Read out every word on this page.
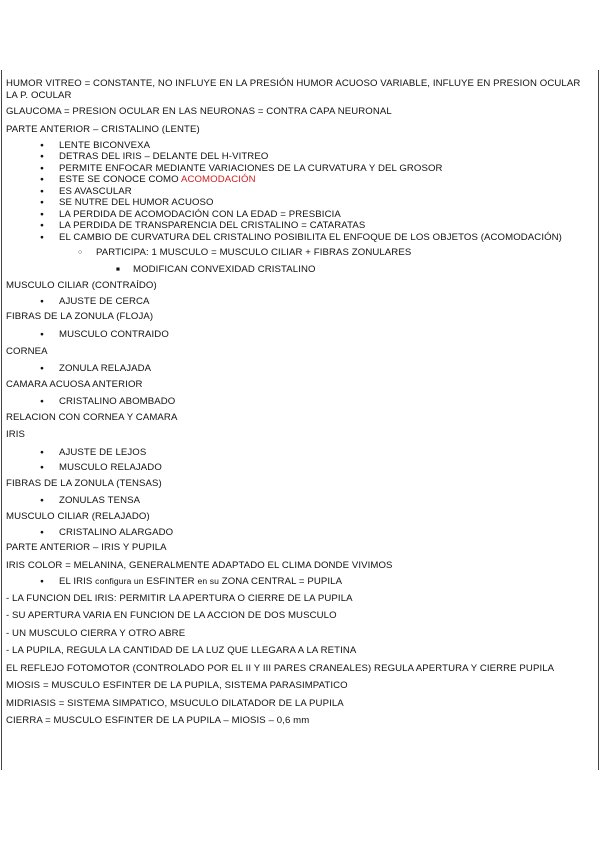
HUMOR VITREO = CONSTANTE, NO INFLUYE EN LA PRESIÓN HUMOR ACUOSO VARIABLE, INFLUYE EN PRESION OCULAR LA P. OCULAR

GLAUCOMA = PRESION OCULAR EN LAS NEURONAS = CONTRA CAPA NEURONAL

PARTE ANTERIOR – CRISTALINO (LENTE)

● LENTE BICONVEXA
● DETRAS DEL IRIS – DELANTE DEL H-VITREO
● PERMITE ENFOCAR MEDIANTE VARIACIONES DE LA CURVATURA Y DEL GROSOR
● ESTE SE CONOCE COMO ACOMODACIÓN
● ES AVASCULAR
● SE NUTRE DEL HUMOR ACUOSO
● LA PERDIDA DE ACOMODACIÓN CON LA EDAD = PRESBICIA
● LA PERDIDA DE TRANSPARENCIA DEL CRISTALINO = CATARATAS
● EL CAMBIO DE CURVATURA DEL CRISTALINO POSIBILITA EL ENFOQUE DE LOS OBJETOS (ACOMODACIÓN)
○ PARTICIPA: 1 MUSCULO = MUSCULO CILIAR + FIBRAS ZONULARES
■ MODIFICAN CONVEXIDAD CRISTALINO

MUSCULO CILIAR (CONTRAÍDO)

● AJUSTE DE CERCA

FIBRAS DE LA ZONULA (FLOJA)

● MUSCULO CONTRAIDO

CORNEA

● ZONULA RELAJADA

CAMARA ACUOSA ANTERIOR

● CRISTALINO ABOMBADO

RELACION CON CORNEA Y CAMARA

IRIS

● AJUSTE DE LEJOS
● MUSCULO RELAJADO

FIBRAS DE LA ZONULA (TENSAS)

● ZONULAS TENSA

MUSCULO CILIAR (RELAJADO)

● CRISTALINO ALARGADO

PARTE ANTERIOR – IRIS Y PUPILA

IRIS COLOR = MELANINA, GENERALMENTE ADAPTADO EL CLIMA DONDE VIVIMOS

● EL IRIS configura un ESFINTER en su ZONA CENTRAL = PUPILA

- LA FUNCION DEL IRIS: PERMITIR LA APERTURA O CIERRE DE LA PUPILA

- SU APERTURA VARIA EN FUNCION DE LA ACCION DE DOS MUSCULO

- UN MUSCULO CIERRA Y OTRO ABRE

- LA PUPILA, REGULA LA CANTIDAD DE LA LUZ QUE LLEGARA A LA RETINA

EL REFLEJO FOTOMOTOR (CONTROLADO POR EL II Y III PARES CRANEALES) REGULA APERTURA Y CIERRE PUPILA

MIOSIS = MUSCULO ESFINTER DE LA PUPILA, SISTEMA PARASIMPATICO

MIDRIASIS = SISTEMA SIMPATICO, MSUCULO DILATADOR DE LA PUPILA

CIERRA = MUSCULO ESFINTER DE LA PUPILA – MIOSIS – 0,6 mm
